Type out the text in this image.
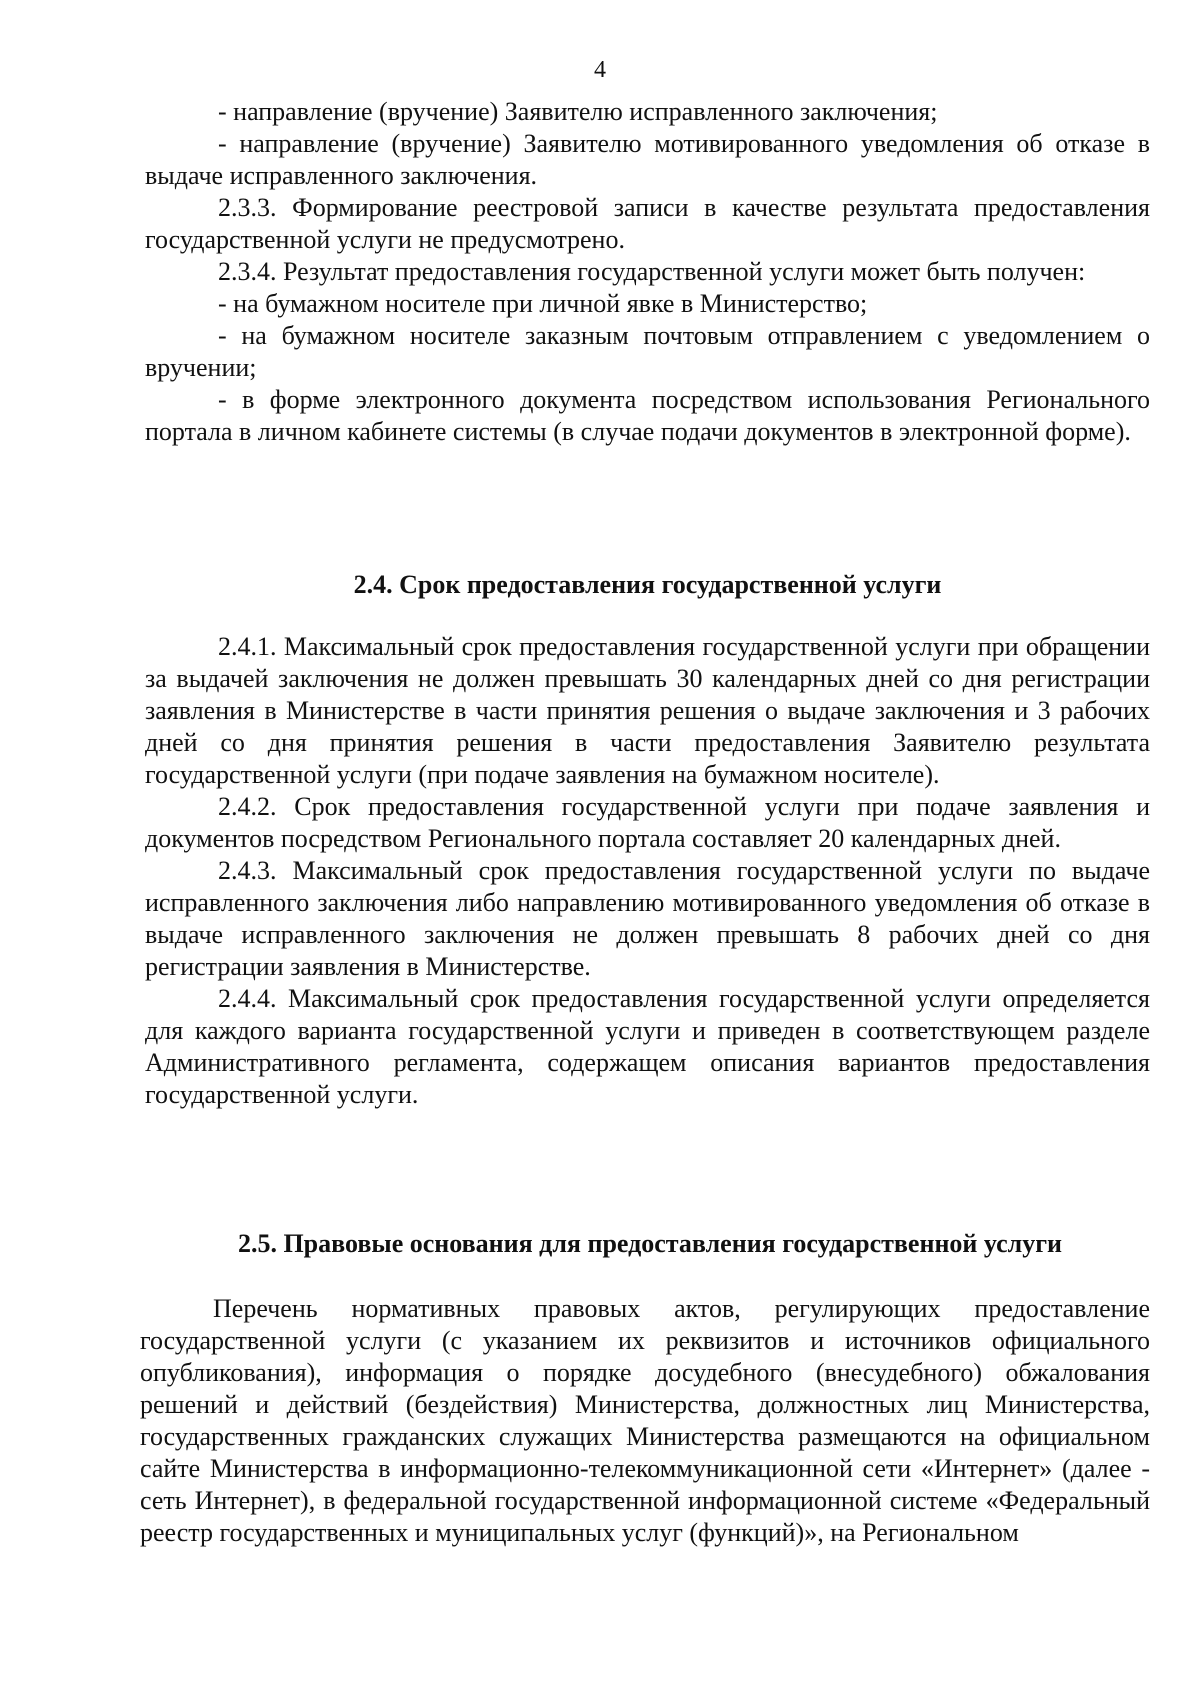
4

- направление (вручение) Заявителю исправленного заключения;

- направление (вручение) Заявителю мотивированного уведомления об отказе в выдаче исправленного заключения.

2.3.3. Формирование реестровой записи в качестве результата предоставления государственной услуги не предусмотрено.

2.3.4. Результат предоставления государственной услуги может быть получен:

- на бумажном носителе при личной явке в Министерство;

- на бумажном носителе заказным почтовым отправлением с уведомлением о вручении;

- в форме электронного документа посредством использования Регионального портала в личном кабинете системы (в случае подачи документов в электронной форме).

2.4. Срок предоставления государственной услуги

2.4.1. Максимальный срок предоставления государственной услуги при обращении за выдачей заключения не должен превышать 30 календарных дней со дня регистрации заявления в Министерстве в части принятия решения о выдаче заключения и 3 рабочих дней со дня принятия решения в части предоставления Заявителю результата государственной услуги (при подаче заявления на бумажном носителе).

2.4.2. Срок предоставления государственной услуги при подаче заявления и документов посредством Регионального портала составляет 20 календарных дней.

2.4.3. Максимальный срок предоставления государственной услуги по выдаче исправленного заключения либо направлению мотивированного уведомления об отказе в выдаче исправленного заключения не должен превышать 8 рабочих дней со дня регистрации заявления в Министерстве.

2.4.4. Максимальный срок предоставления государственной услуги определяется для каждого варианта государственной услуги и приведен в соответствующем разделе Административного регламента, содержащем описания вариантов предоставления государственной услуги.

2.5. Правовые основания для предоставления государственной услуги

Перечень нормативных правовых актов, регулирующих предоставление государственной услуги (с указанием их реквизитов и источников официального опубликования), информация о порядке досудебного (внесудебного) обжалования решений и действий (бездействия) Министерства, должностных лиц Министерства, государственных гражданских служащих Министерства размещаются на официальном сайте Министерства в информационно-телекоммуникационной сети «Интернет» (далее - сеть Интернет), в федеральной государственной информационной системе «Федеральный реестр государственных и муниципальных услуг (функций)», на Региональном
